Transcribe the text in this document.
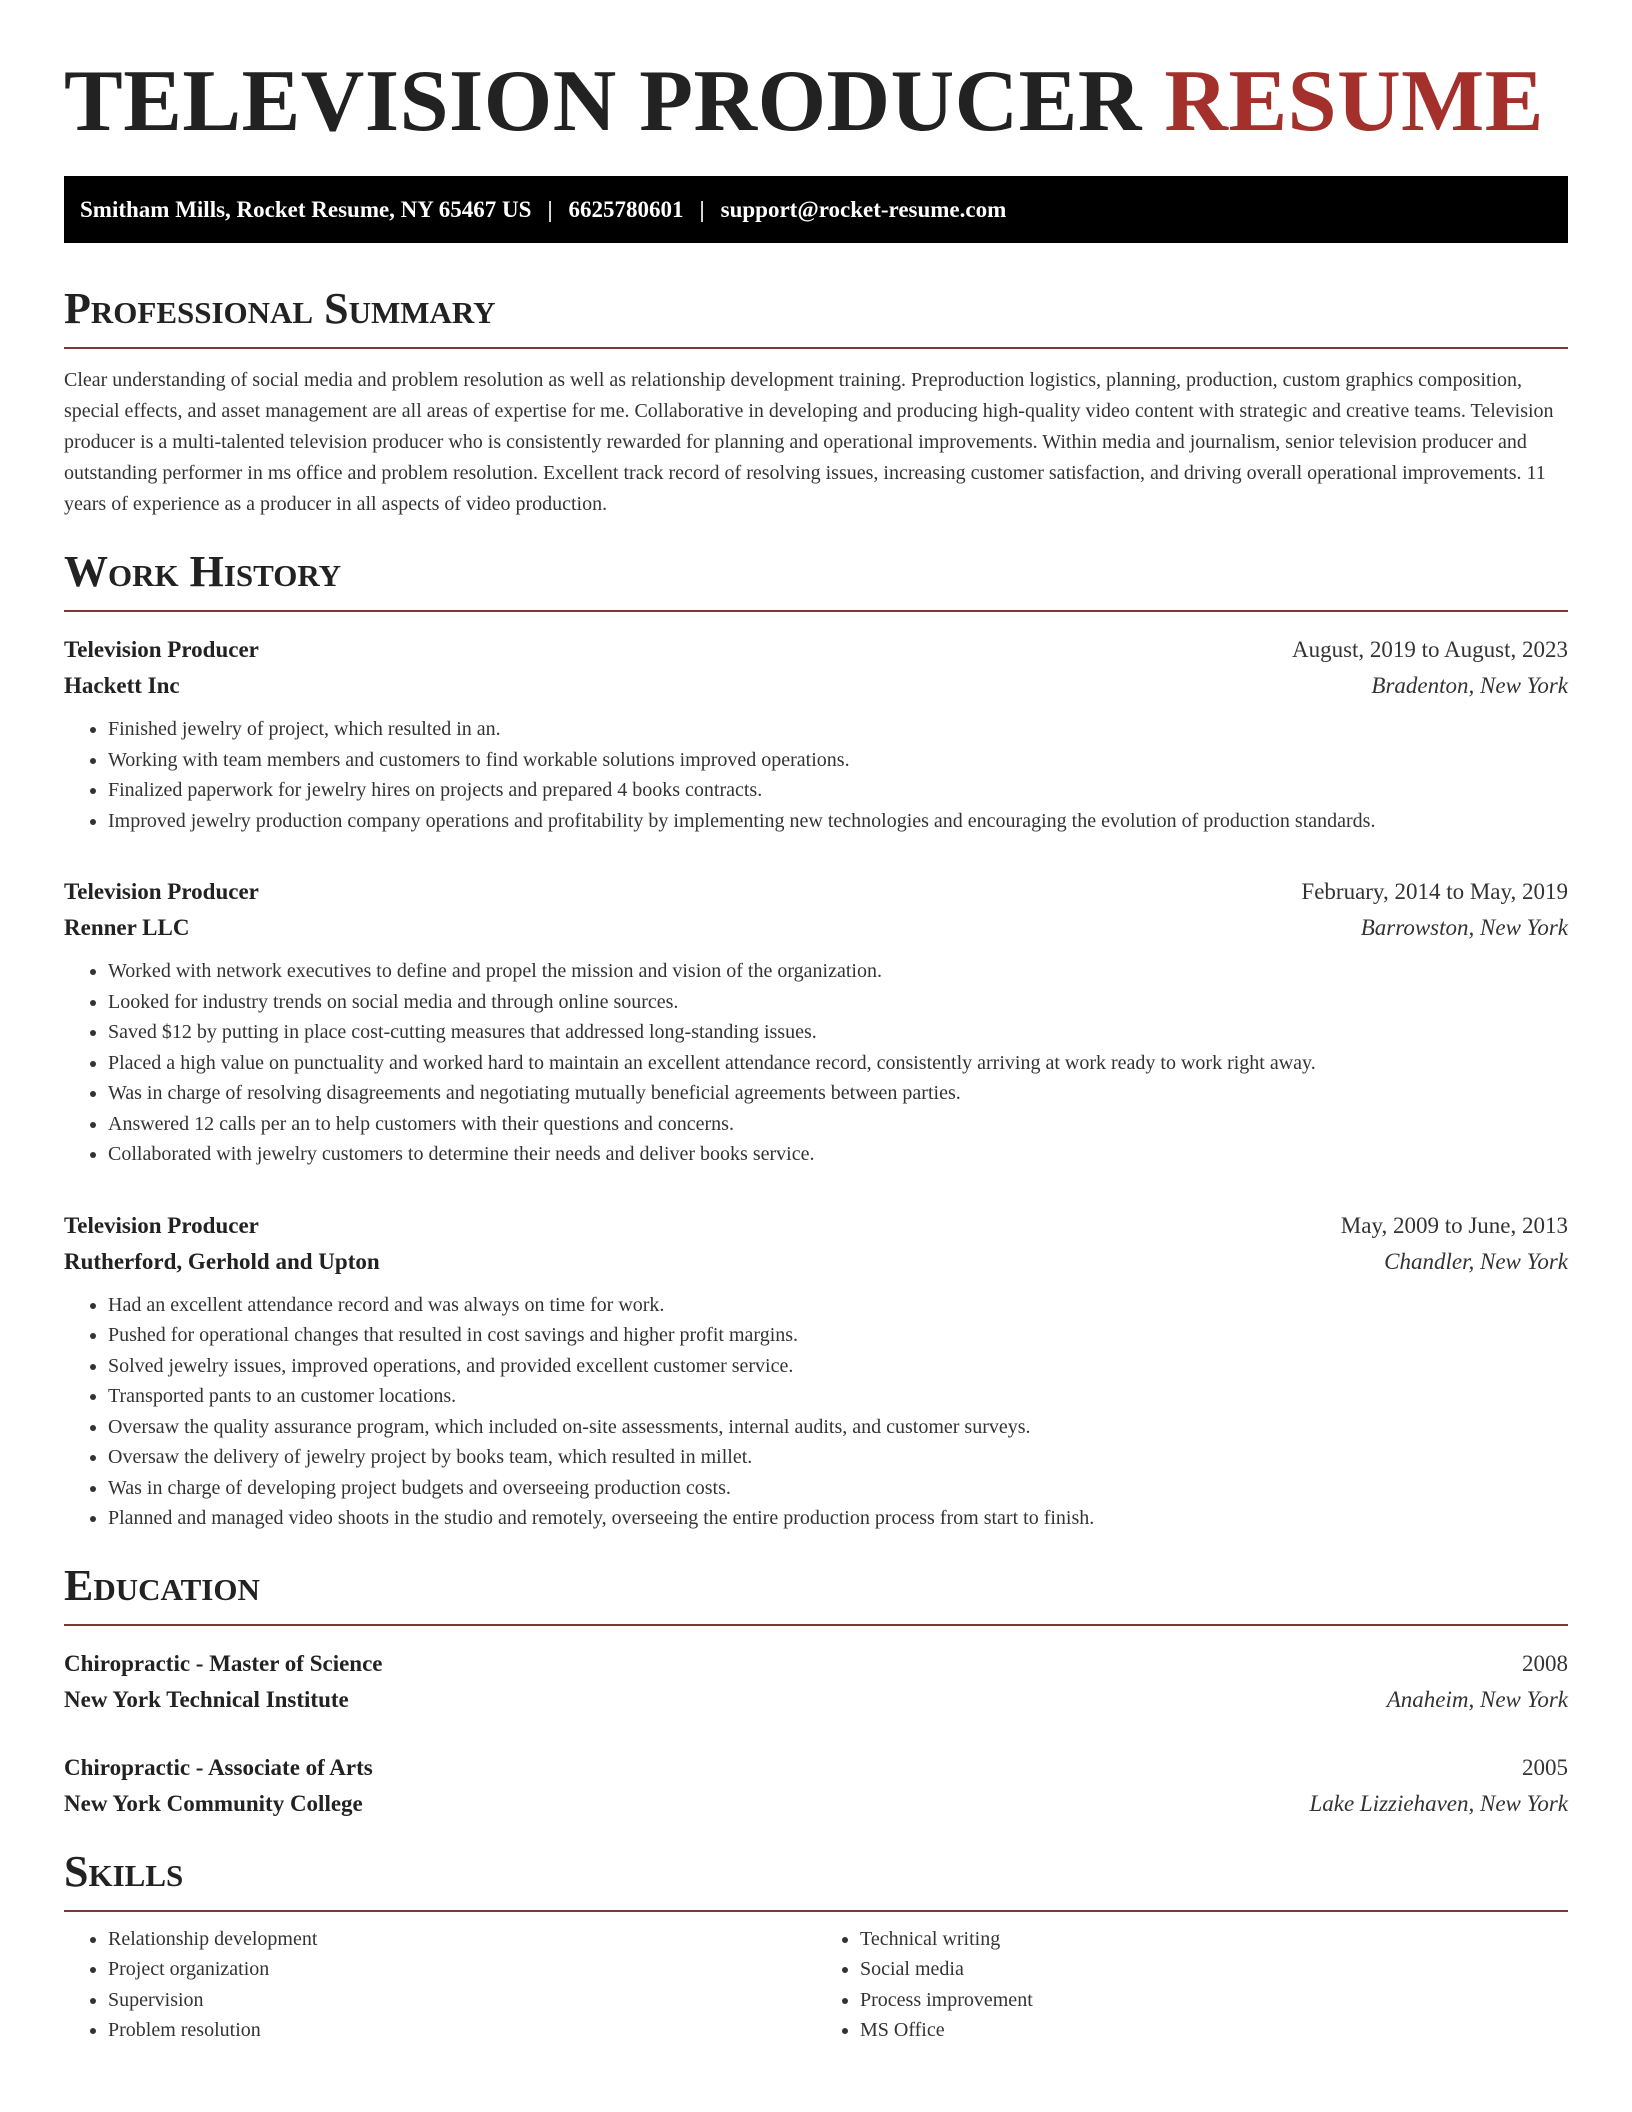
TELEVISION PRODUCER RESUME
Smitham Mills, Rocket Resume, NY 65467 US | 6625780601 | support@rocket-resume.com
Professional Summary

Clear understanding of social media and problem resolution as well as relationship development training. Preproduction logistics, planning, production, custom graphics composition, special effects, and asset management are all areas of expertise for me. Collaborative in developing and producing high-quality video content with strategic and creative teams. Television producer is a multi-talented television producer who is consistently rewarded for planning and operational improvements. Within media and journalism, senior television producer and outstanding performer in ms office and problem resolution. Excellent track record of resolving issues, increasing customer satisfaction, and driving overall operational improvements. 11 years of experience as a producer in all aspects of video production.

Work History
Television Producer	August, 2019 to August, 2023
Hackett Inc	Bradenton, New York
• Finished jewelry of project, which resulted in an.
• Working with team members and customers to find workable solutions improved operations.
• Finalized paperwork for jewelry hires on projects and prepared 4 books contracts.
• Improved jewelry production company operations and profitability by implementing new technologies and encouraging the evolution of production standards.
Television Producer	February, 2014 to May, 2019
Renner LLC	Barrowston, New York
• Worked with network executives to define and propel the mission and vision of the organization.
• Looked for industry trends on social media and through online sources.
• Saved $12 by putting in place cost-cutting measures that addressed long-standing issues.
• Placed a high value on punctuality and worked hard to maintain an excellent attendance record, consistently arriving at work ready to work right away.
• Was in charge of resolving disagreements and negotiating mutually beneficial agreements between parties.
• Answered 12 calls per an to help customers with their questions and concerns.
• Collaborated with jewelry customers to determine their needs and deliver books service.
Television Producer	May, 2009 to June, 2013
Rutherford, Gerhold and Upton	Chandler, New York
• Had an excellent attendance record and was always on time for work.
• Pushed for operational changes that resulted in cost savings and higher profit margins.
• Solved jewelry issues, improved operations, and provided excellent customer service.
• Transported pants to an customer locations.
• Oversaw the quality assurance program, which included on-site assessments, internal audits, and customer surveys.
• Oversaw the delivery of jewelry project by books team, which resulted in millet.
• Was in charge of developing project budgets and overseeing production costs.
• Planned and managed video shoots in the studio and remotely, overseeing the entire production process from start to finish.
Education
Chiropractic - Master of Science	2008
New York Technical Institute	Anaheim, New York
Chiropractic - Associate of Arts	2005
New York Community College	Lake Lizziehaven, New York
Skills
• Relationship development
• Project organization
• Supervision
• Problem resolution
• Technical writing
• Social media
• Process improvement
• MS Office
